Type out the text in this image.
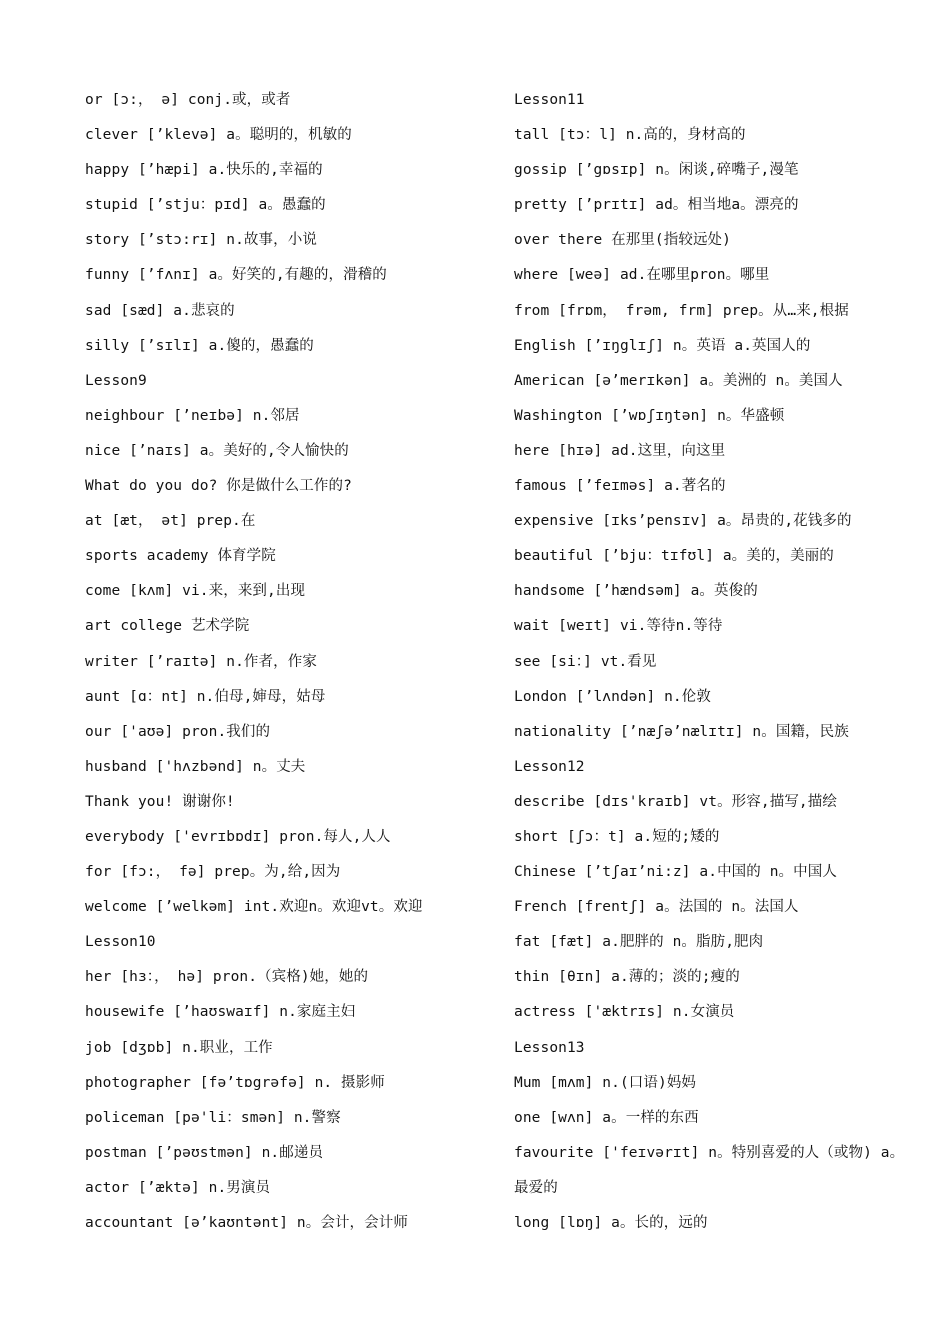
or [ɔ:， ə] conj.或，或者
clever [’klevə] a。聪明的，机敏的
happy [’hæpi] a.快乐的,幸福的
stupid [’stju：pɪd] a。愚蠢的
story [’stɔ:rɪ] n.故事，小说
funny [’fʌnɪ] a。好笑的,有趣的，滑稽的
sad [sæd] a.悲哀的
silly [’sɪlɪ] a.傻的，愚蠢的
Lesson9
neighbour [’neɪbə] n.邻居
nice [’naɪs] a。美好的,令人愉快的
What do you do? 你是做什么工作的?
at [æt， ət] prep.在
sports academy 体育学院
come [kʌm] vi.来，来到,出现
art college 艺术学院
writer [’raɪtə] n.作者，作家
aunt [ɑ：nt] n.伯母,婶母，姑母
our ['aʊə] pron.我们的
husband ['hʌzbənd] n。丈夫
Thank you! 谢谢你!
everybody ['evrɪbɒdɪ] pron.每人,人人
for [fɔ:， fə] prep。为,给,因为
welcome [’welkəm] int.欢迎n。欢迎vt。欢迎
Lesson10
her [hɜ：， hə] pron.（宾格)她，她的
housewife [’haʊswaɪf] n.家庭主妇
job [dʒɒb] n.职业，工作
photographer [fə’tɒgrəfə] n. 摄影师
policeman [pə'li：smən] n.警察
postman [’pəʊstmən] n.邮递员
actor [’æktə] n.男演员
accountant [ə’kaʊntənt] n。会计，会计师
Lesson11
tall [tɔ：l] n.高的，身材高的
gossip [’gɒsɪp] n。闲谈,碎嘴子,漫笔
pretty [’prɪtɪ] ad。相当地a。漂亮的
over there 在那里(指较远处)
where [weə] ad.在哪里pron。哪里
from [frɒm， frəm, frm] prep。从…来,根据
English [’ɪŋglɪʃ] n。英语 a.英国人的
American [ə’merɪkən] a。美洲的 n。美国人
Washington [’wɒʃɪŋtən] n。华盛顿
here [hɪə] ad.这里，向这里
famous [’feɪməs] a.著名的
expensive [ɪks’pensɪv] a。昂贵的,花钱多的
beautiful [’bju：tɪfʊl] a。美的，美丽的
handsome [’hændsəm] a。英俊的
wait [weɪt] vi.等待n.等待
see [si：] vt.看见
London [’lʌndən] n.伦敦
nationality [’næʃə’nælɪtɪ] n。国籍，民族
Lesson12
describe [dɪs'kraɪb] vt。形容,描写,描绘
short [ʃɔ：t] a.短的;矮的
Chinese [’tʃaɪ’ni:z] a.中国的 n。中国人
French [frentʃ] a。法国的 n。法国人
fat [fæt] a.肥胖的 n。脂肪,肥肉
thin [θɪn] a.薄的；淡的;瘦的
actress ['æktrɪs] n.女演员
Lesson13
Mum [mʌm] n.(口语)妈妈
one [wʌn] a。一样的东西
favourite ['feɪvərɪt] n。特别喜爱的人（或物) a。
最爱的
long [lɒŋ] a。长的，远的
